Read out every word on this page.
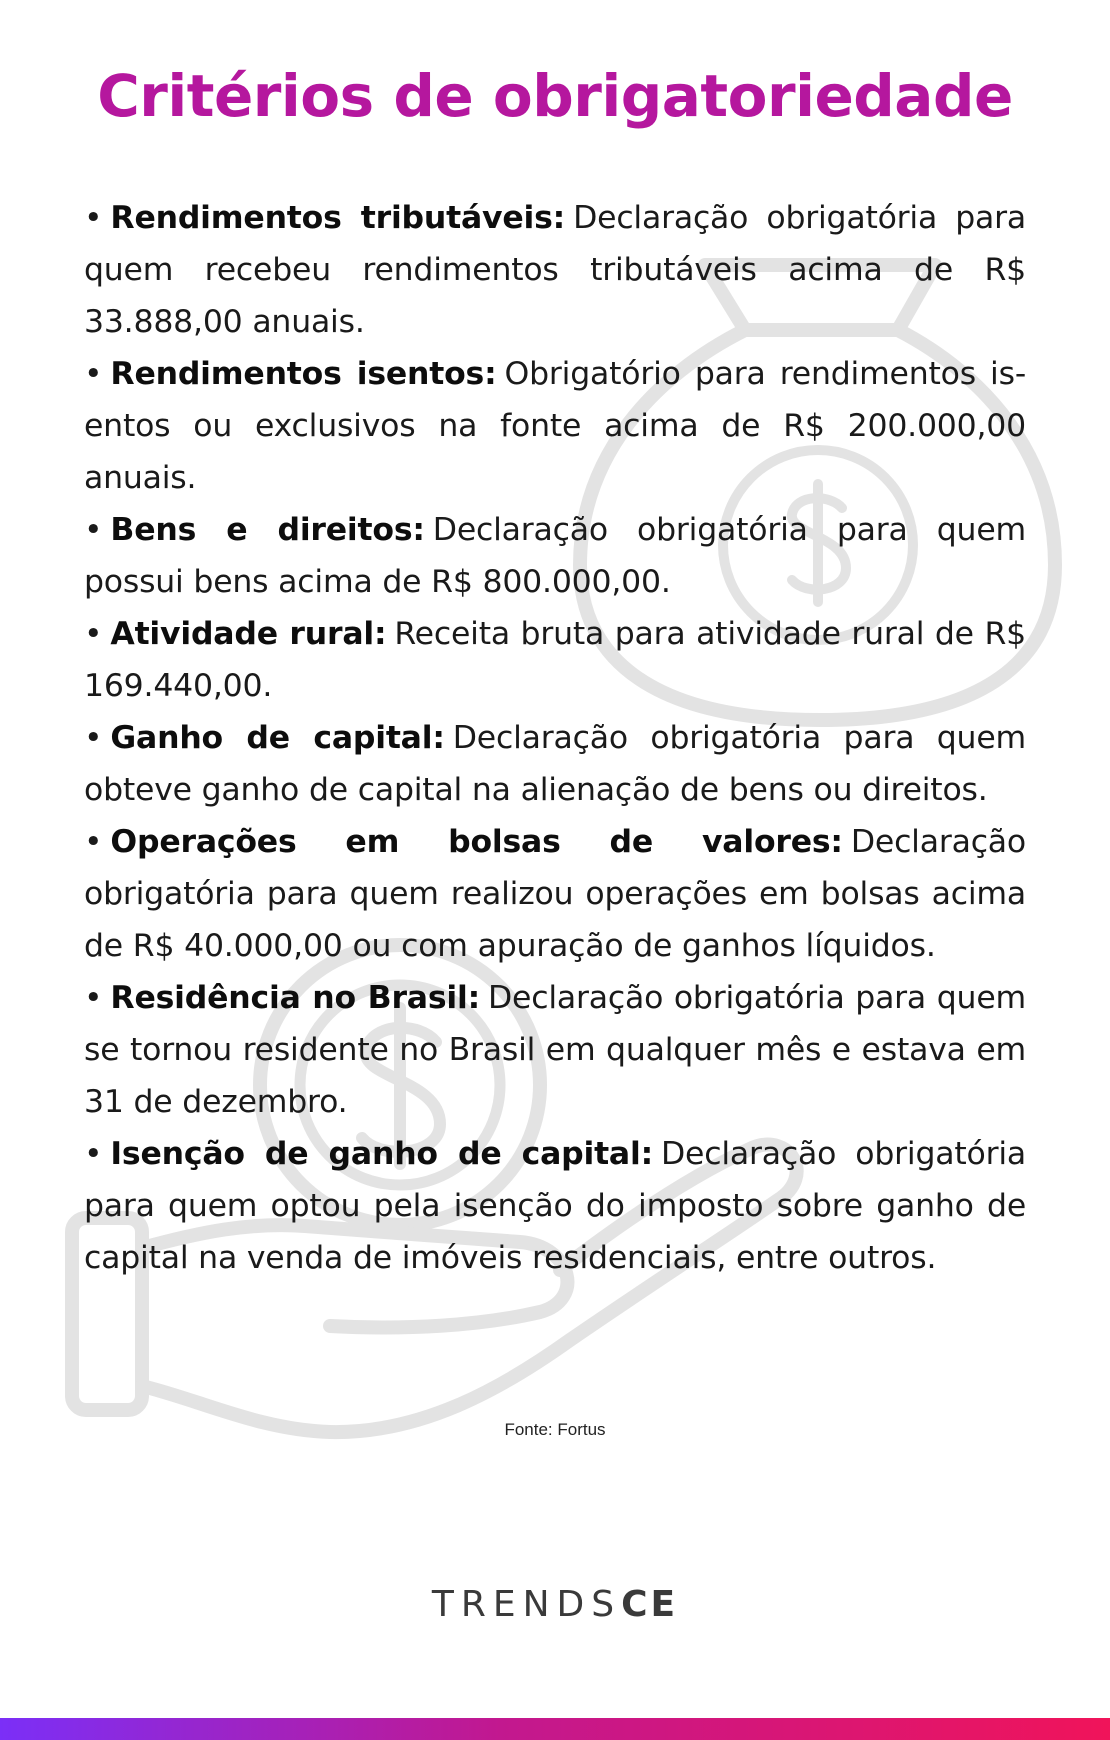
Critérios de obrigatoriedade
• Rendimentos tributáveis: Declaração obrigatória para quem recebeu rendimentos tributáveis acima de R$ 33.888,00 anuais.
• Rendimentos isentos: Obrigatório para rendimentos is-entos ou exclusivos na fonte acima de R$ 200.000,00 anuais.
• Bens e direitos: Declaração obrigatória para quem possui bens acima de R$ 800.000,00.
• Atividade rural: Receita bruta para atividade rural de R$ 169.440,00.
• Ganho de capital: Declaração obrigatória para quem obteve ganho de capital na alienação de bens ou direitos.
• Operações em bolsas de valores: Declaração obrigatória para quem realizou operações em bolsas acima de R$ 40.000,00 ou com apuração de ganhos líquidos.
• Residência no Brasil: Declaração obrigatória para quem se tornou residente no Brasil em qualquer mês e estava em 31 de dezembro.
• Isenção de ganho de capital: Declaração obrigatória para quem optou pela isenção do imposto sobre ganho de capital na venda de imóveis residenciais, entre outros.
Fonte: Fortus
TRENDSCE
